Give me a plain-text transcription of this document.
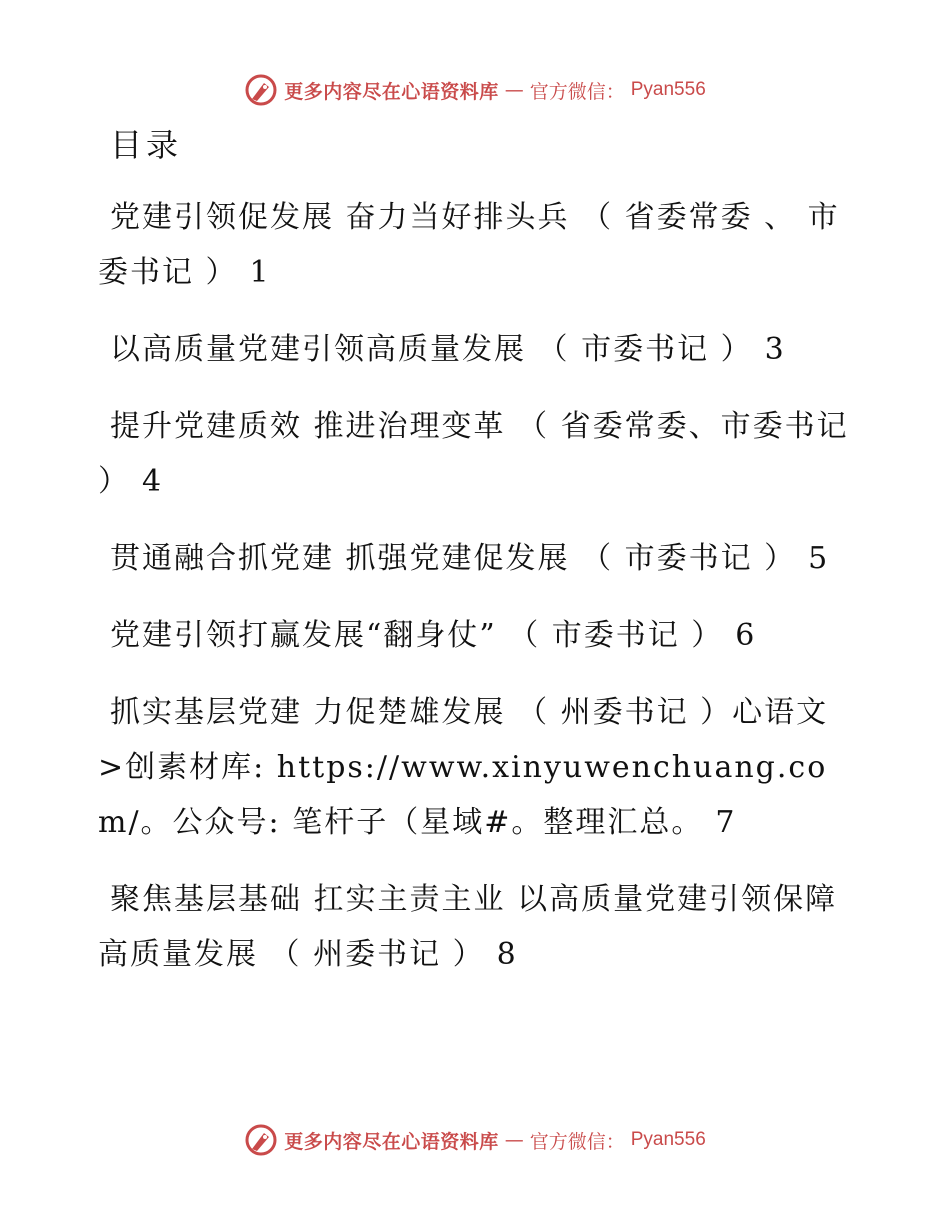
更多内容尽在心语资料库 — 官方微信： Pyan556
目录
党建引领促发展 奋力当好排头兵 （ 省委常委 、 市委书记 ） 1
以高质量党建引领高质量发展 （ 市委书记 ） 3
提升党建质效 推进治理变革 （ 省委常委、市委书记 ） 4
贯通融合抓党建 抓强党建促发展 （ 市委书记 ） 5
党建引领打赢发展“翻身仗” （ 市委书记 ） 6
抓实基层党建 力促楚雄发展 （ 州委书记 ）心语文>创素材库: https://www.xinyuwenchuang.com/。公众号: 笔杆子（星域#。整理汇总。 7
聚焦基层基础 扛实主责主业 以高质量党建引领保障高质量发展 （ 州委书记 ） 8
更多内容尽在心语资料库 — 官方微信： Pyan556
